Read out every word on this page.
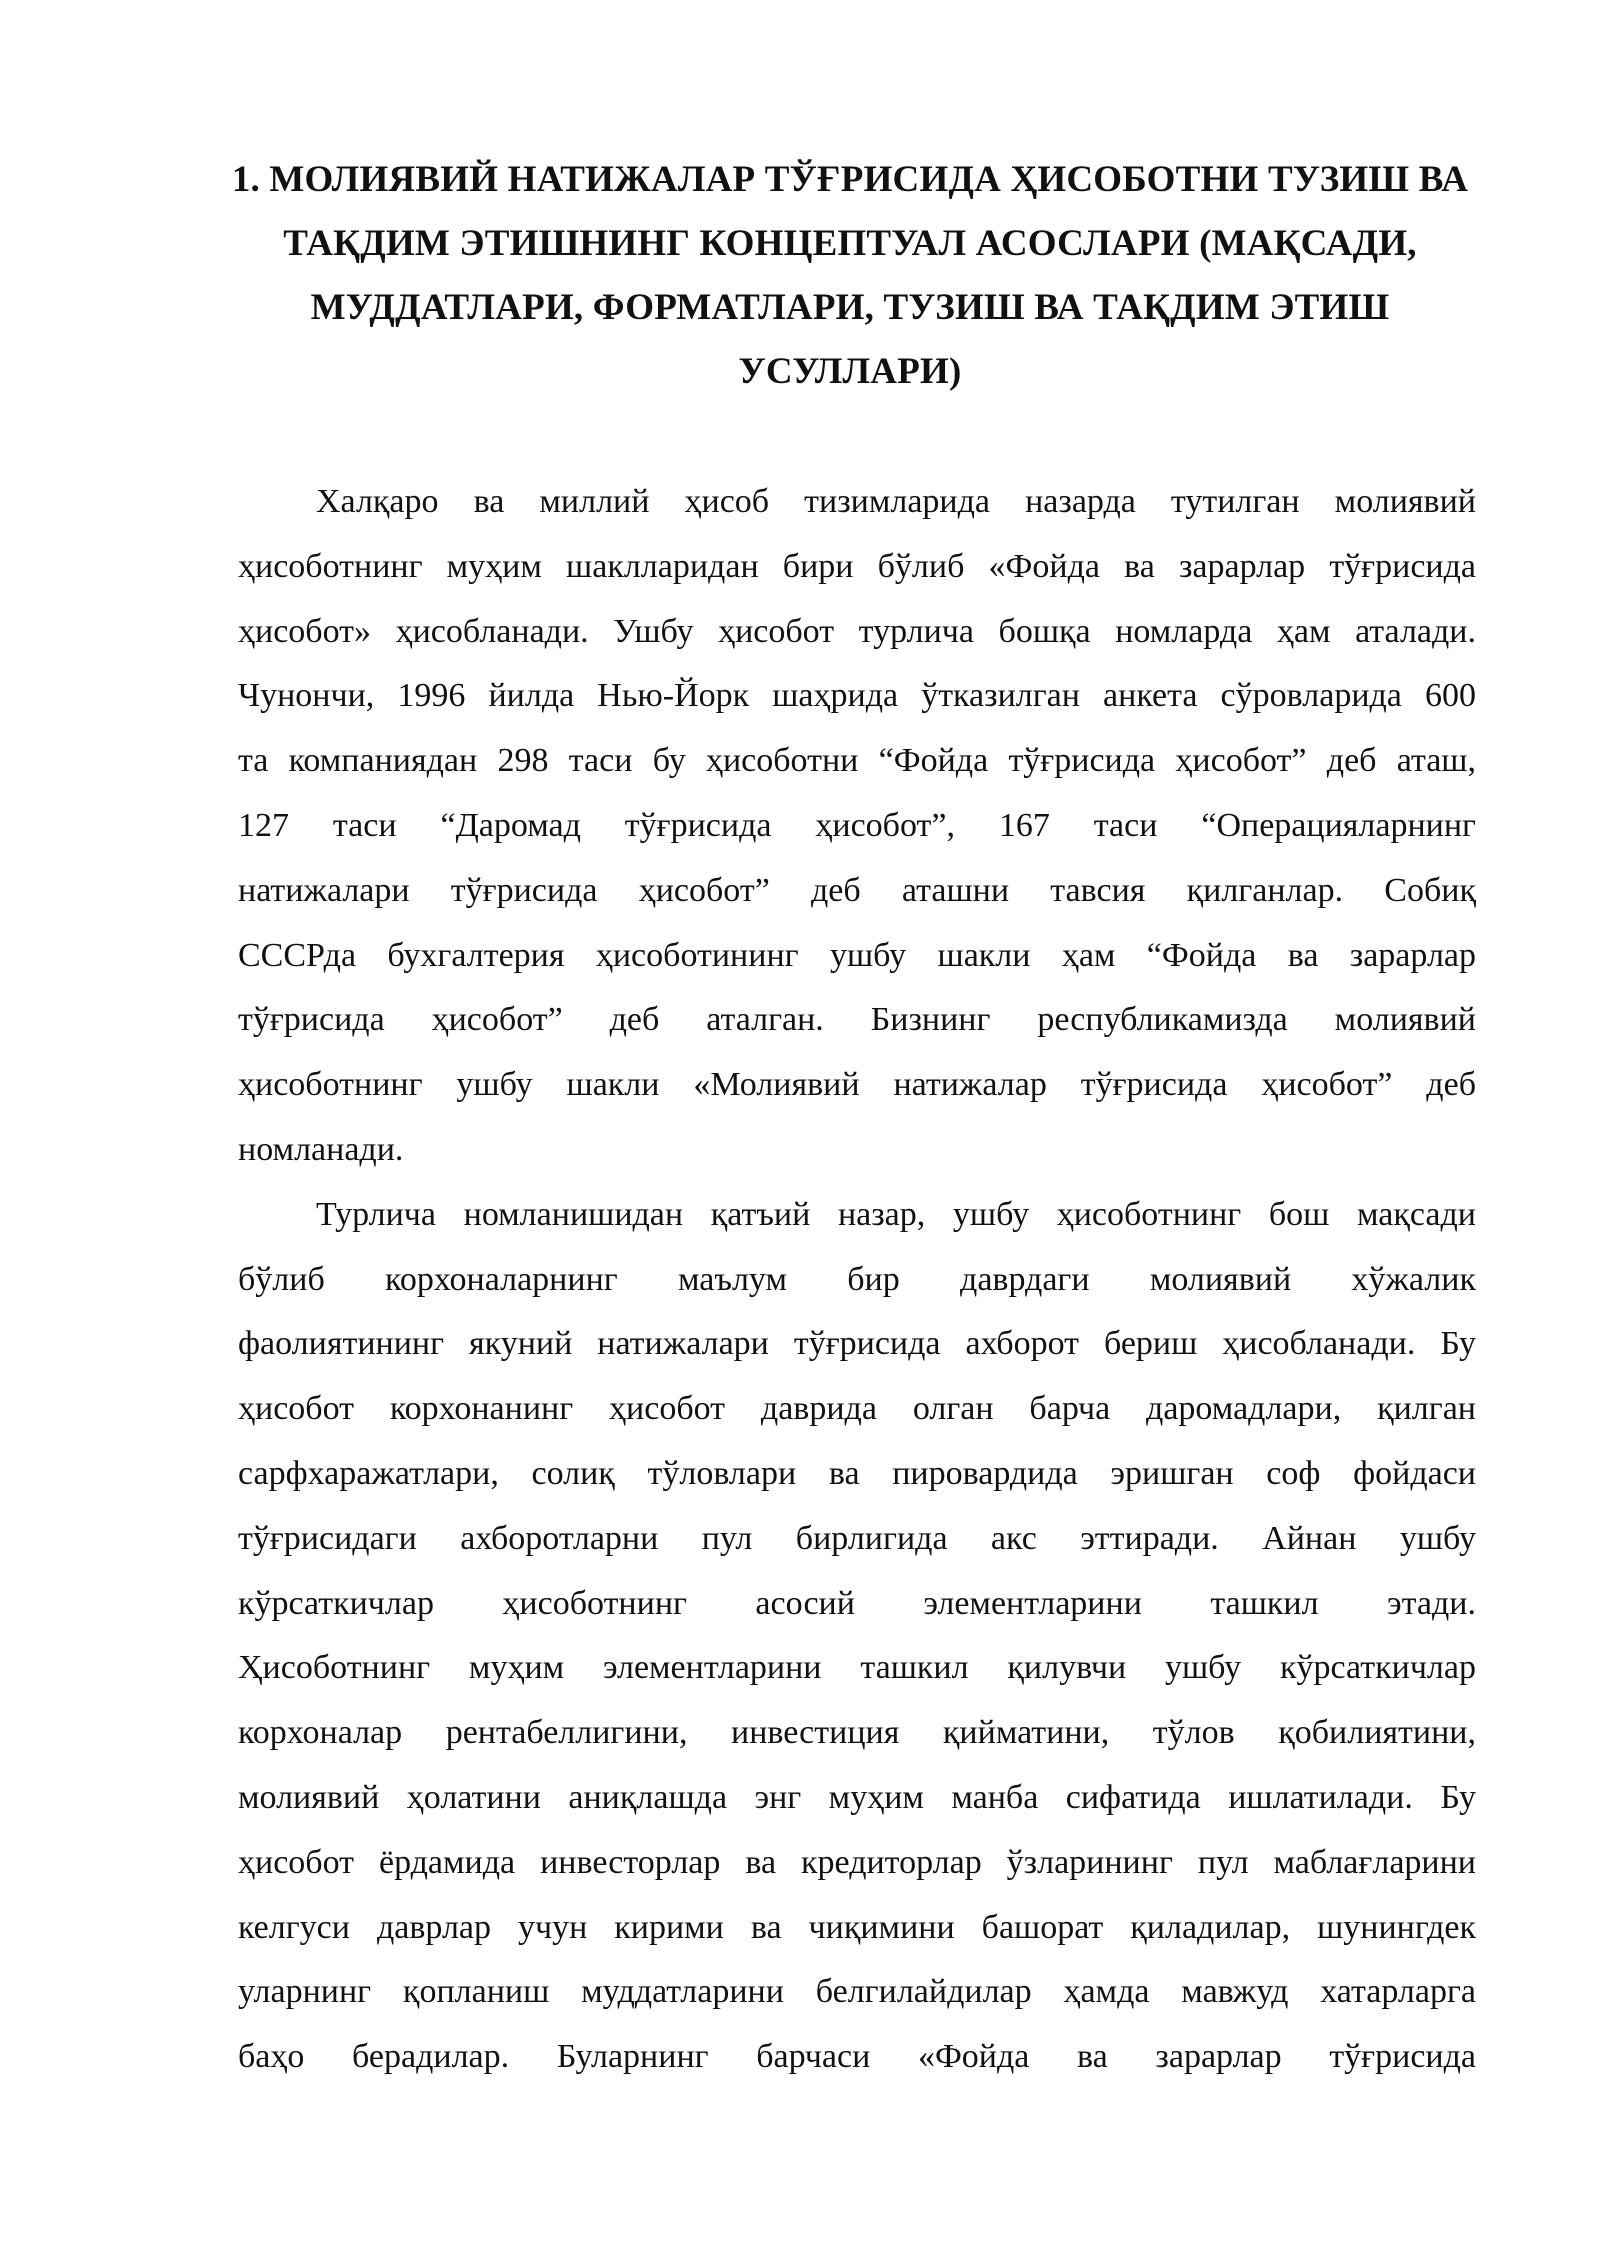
1. МОЛИЯВИЙ НАТИЖАЛАР ТЎҒРИСИДА ҲИСОБОТНИ ТУЗИШ ВА
ТАҚДИМ ЭТИШНИНГ КОНЦЕПТУАЛ АСОСЛАРИ (МАҚСАДИ,
МУДДАТЛАРИ, ФОРМАТЛАРИ, ТУЗИШ ВА ТАҚДИМ ЭТИШ
УСУЛЛАРИ)

Халқаро ва миллий ҳисоб тизимларида назарда тутилган молиявий
ҳисоботнинг муҳим шаклларидан бири бўлиб «Фойда ва зарарлар тўғрисида
ҳисобот» ҳисобланади. Ушбу ҳисобот турлича бошқа номларда ҳам аталади.
Чунончи, 1996 йилда Нью-Йорк шаҳрида ўтказилган анкета сўровларида 600
та компаниядан 298 таси бу ҳисоботни “Фойда тўғрисида ҳисобот” деб аташ,
127 таси “Даромад тўғрисида ҳисобот”, 167 таси “Операцияларнинг
натижалари тўғрисида ҳисобот” деб аташни тавсия қилганлар. Собиқ
СССРда бухгалтерия ҳисоботининг ушбу шакли ҳам “Фойда ва зарарлар
тўғрисида ҳисобот” деб аталган. Бизнинг республикамизда молиявий
ҳисоботнинг ушбу шакли «Молиявий натижалар тўғрисида ҳисобот” деб
номланади.

Турлича номланишидан қатъий назар, ушбу ҳисоботнинг бош мақсади
бўлиб корхоналарнинг маълум бир даврдаги молиявий хўжалик
фаолиятининг якуний натижалари тўғрисида ахборот бериш ҳисобланади. Бу
ҳисобот корхонанинг ҳисобот даврида олган барча даромадлари, қилган
сарфхаражатлари, солиқ тўловлари ва пировардида эришган соф фойдаси
тўғрисидаги ахборотларни пул бирлигида акс эттиради. Айнан ушбу
кўрсаткичлар ҳисоботнинг асосий элементларини ташкил этади.
Ҳисоботнинг муҳим элементларини ташкил қилувчи ушбу кўрсаткичлар
корхоналар рентабеллигини, инвестиция қийматини, тўлов қобилиятини,
молиявий ҳолатини аниқлашда энг муҳим манба сифатида ишлатилади. Бу
ҳисобот ёрдамида инвесторлар ва кредиторлар ўзларининг пул маблағларини
келгуси даврлар учун кирими ва чиқимини башорат қиладилар, шунингдек
уларнинг қопланиш муддатларини белгилайдилар ҳамда мавжуд хатарларга
баҳо берадилар. Буларнинг барчаси «Фойда ва зарарлар тўғрисида
